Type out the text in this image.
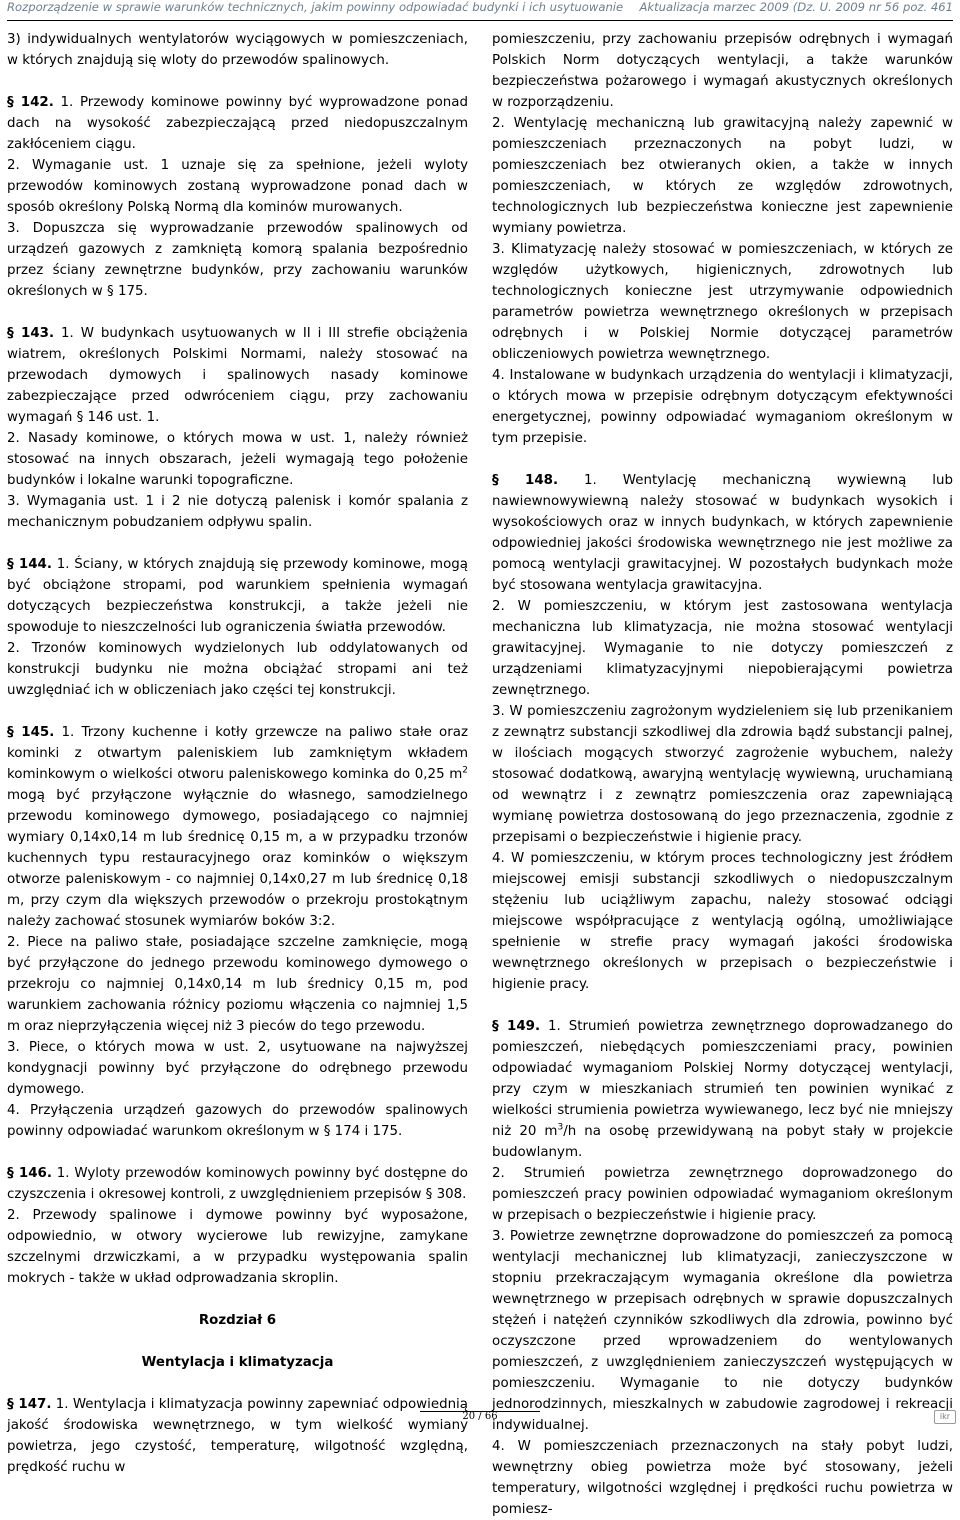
Rozporządzenie w sprawie warunków technicznych, jakim powinny odpowiadać budynki i ich usytuowanie Aktualizacja marzec 2009 (Dz. U. 2009 nr 56 poz. 461

3) indywidualnych wentylatorów wyciągowych w pomieszczeniach, w których znajdują się wloty do przewodów spalinowych.

§ 142. 1. Przewody kominowe powinny być wyprowadzone ponad dach na wysokość zabezpieczającą przed niedopuszczalnym zakłóceniem ciągu.

2. Wymaganie ust. 1 uznaje się za spełnione, jeżeli wyloty przewodów kominowych zostaną wyprowadzone ponad dach w sposób określony Polską Normą dla kominów murowanych.

3. Dopuszcza się wyprowadzanie przewodów spalinowych od urządzeń gazowych z zamkniętą komorą spalania bezpośrednio przez ściany zewnętrzne budynków, przy zachowaniu warunków określonych w § 175.

§ 143. 1. W budynkach usytuowanych w II i III strefie obciążenia wiatrem, określonych Polskimi Normami, należy stosować na przewodach dymowych i spalinowych nasady kominowe zabezpieczające przed odwróceniem ciągu, przy zachowaniu wymagań § 146 ust. 1.

2. Nasady kominowe, o których mowa w ust. 1, należy również stosować na innych obszarach, jeżeli wymagają tego położenie budynków i lokalne warunki topograficzne.

3. Wymagania ust. 1 i 2 nie dotyczą palenisk i komór spalania z mechanicznym pobudzaniem odpływu spalin.

§ 144. 1. Ściany, w których znajdują się przewody kominowe, mogą być obciążone stropami, pod warunkiem spełnienia wymagań dotyczących bezpieczeństwa konstrukcji, a także jeżeli nie spowoduje to nieszczelności lub ograniczenia światła przewodów.

2. Trzonów kominowych wydzielonych lub oddylatowanych od konstrukcji budynku nie można obciążać stropami ani też uwzględniać ich w obliczeniach jako części tej konstrukcji.

§ 145. 1. Trzony kuchenne i kotły grzewcze na paliwo stałe oraz kominki z otwartym paleniskiem lub zamkniętym wkładem kominkowym o wielkości otworu paleniskowego kominka do 0,25 $m^2$ mogą być przyłączone wyłącznie do własnego, samodzielnego przewodu kominowego dymowego, posiadającego co najmniej wymiary 0,14x0,14 m lub średnicę 0,15 m, a w przypadku trzonów kuchennych typu restauracyjnego oraz kominków o większym otworze paleniskowym - co najmniej 0,14x0,27 m lub średnicę 0,18 m, przy czym dla większych przewodów o przekroju prostokątnym należy zachować stosunek wymiarów boków 3:2.

2. Piece na paliwo stałe, posiadające szczelne zamknięcie, mogą być przyłączone do jednego przewodu kominowego dymowego o przekroju co najmniej 0,14x0,14 m lub średnicy 0,15 m, pod warunkiem zachowania różnicy poziomu włączenia co najmniej 1,5 m oraz nieprzyłączenia więcej niż 3 pieców do tego przewodu.

3. Piece, o których mowa w ust. 2, usytuowane na najwyższej kondygnacji powinny być przyłączone do odrębnego przewodu dymowego.

4. Przyłączenia urządzeń gazowych do przewodów spalinowych powinny odpowiadać warunkom określonym w § 174 i 175.

§ 146. 1. Wyloty przewodów kominowych powinny być dostępne do czyszczenia i okresowej kontroli, z uwzględnieniem przepisów § 308.

2. Przewody spalinowe i dymowe powinny być wyposażone, odpowiednio, w otwory wycierowe lub rewizyjne, zamykane szczelnymi drzwiczkami, a w przypadku występowania spalin mokrych - także w układ odprowadzania skroplin.

Rozdział 6

Wentylacja i klimatyzacja

§ 147. 1. Wentylacja i klimatyzacja powinny zapewniać odpowiednią jakość środowiska wewnętrznego, w tym wielkość wymiany powietrza, jego czystość, temperaturę, wilgotność względną, prędkość ruchu w

pomieszczeniu, przy zachowaniu przepisów odrębnych i wymagań Polskich Norm dotyczących wentylacji, a także warunków bezpieczeństwa pożarowego i wymagań akustycznych określonych w rozporządzeniu.

2. Wentylację mechaniczną lub grawitacyjną należy zapewnić w pomieszczeniach przeznaczonych na pobyt ludzi, w pomieszczeniach bez otwieranych okien, a także w innych pomieszczeniach, w których ze względów zdrowotnych, technologicznych lub bezpieczeństwa konieczne jest zapewnienie wymiany powietrza.

3. Klimatyzację należy stosować w pomieszczeniach, w których ze względów użytkowych, higienicznych, zdrowotnych lub technologicznych konieczne jest utrzymywanie odpowiednich parametrów powietrza wewnętrznego określonych w przepisach odrębnych i w Polskiej Normie dotyczącej parametrów obliczeniowych powietrza wewnętrznego.

4. Instalowane w budynkach urządzenia do wentylacji i klimatyzacji, o których mowa w przepisie odrębnym dotyczącym efektywności energetycznej, powinny odpowiadać wymaganiom określonym w tym przepisie.

§ 148. 1. Wentylację mechaniczną wywiewną lub nawiewnowywiewną należy stosować w budynkach wysokich i wysokościowych oraz w innych budynkach, w których zapewnienie odpowiedniej jakości środowiska wewnętrznego nie jest możliwe za pomocą wentylacji grawitacyjnej. W pozostałych budynkach może być stosowana wentylacja grawitacyjna.

2. W pomieszczeniu, w którym jest zastosowana wentylacja mechaniczna lub klimatyzacja, nie można stosować wentylacji grawitacyjnej. Wymaganie to nie dotyczy pomieszczeń z urządzeniami klimatyzacyjnymi niepobierającymi powietrza zewnętrznego.

3. W pomieszczeniu zagrożonym wydzieleniem się lub przenikaniem z zewnątrz substancji szkodliwej dla zdrowia bądź substancji palnej, w ilościach mogących stworzyć zagrożenie wybuchem, należy stosować dodatkową, awaryjną wentylację wywiewną, uruchamianą od wewnątrz i z zewnątrz pomieszczenia oraz zapewniającą wymianę powietrza dostosowaną do jego przeznaczenia, zgodnie z przepisami o bezpieczeństwie i higienie pracy.

4. W pomieszczeniu, w którym proces technologiczny jest źródłem miejscowej emisji substancji szkodliwych o niedopuszczalnym stężeniu lub uciążliwym zapachu, należy stosować odciągi miejscowe współpracujące z wentylacją ogólną, umożliwiające spełnienie w strefie pracy wymagań jakości środowiska wewnętrznego określonych w przepisach o bezpieczeństwie i higienie pracy.

§ 149. 1. Strumień powietrza zewnętrznego doprowadzanego do pomieszczeń, niebędących pomieszczeniami pracy, powinien odpowiadać wymaganiom Polskiej Normy dotyczącej wentylacji, przy czym w mieszkaniach strumień ten powinien wynikać z wielkości strumienia powietrza wywiewanego, lecz być nie mniejszy niż 20 $m^3/h$ na osobę przewidywaną na pobyt stały w projekcie budowlanym.

2. Strumień powietrza zewnętrznego doprowadzonego do pomieszczeń pracy powinien odpowiadać wymaganiom określonym w przepisach o bezpieczeństwie i higienie pracy.

3. Powietrze zewnętrzne doprowadzone do pomieszczeń za pomocą wentylacji mechanicznej lub klimatyzacji, zanieczyszczone w stopniu przekraczającym wymagania określone dla powietrza wewnętrznego w przepisach odrębnych w sprawie dopuszczalnych stężeń i natężeń czynników szkodliwych dla zdrowia, powinno być oczyszczone przed wprowadzeniem do wentylowanych pomieszczeń, z uwzględnieniem zanieczyszczeń występujących w pomieszczeniu. Wymaganie to nie dotyczy budynków jednorodzinnych, mieszkalnych w zabudowie zagrodowej i rekreacji indywidualnej.

4. W pomieszczeniach przeznaczonych na stały pobyt ludzi, wewnętrzny obieg powietrza może być stosowany, jeżeli temperatury, wilgotności względnej i prędkości ruchu powietrza w pomiesz-

20 / 66	ikr
